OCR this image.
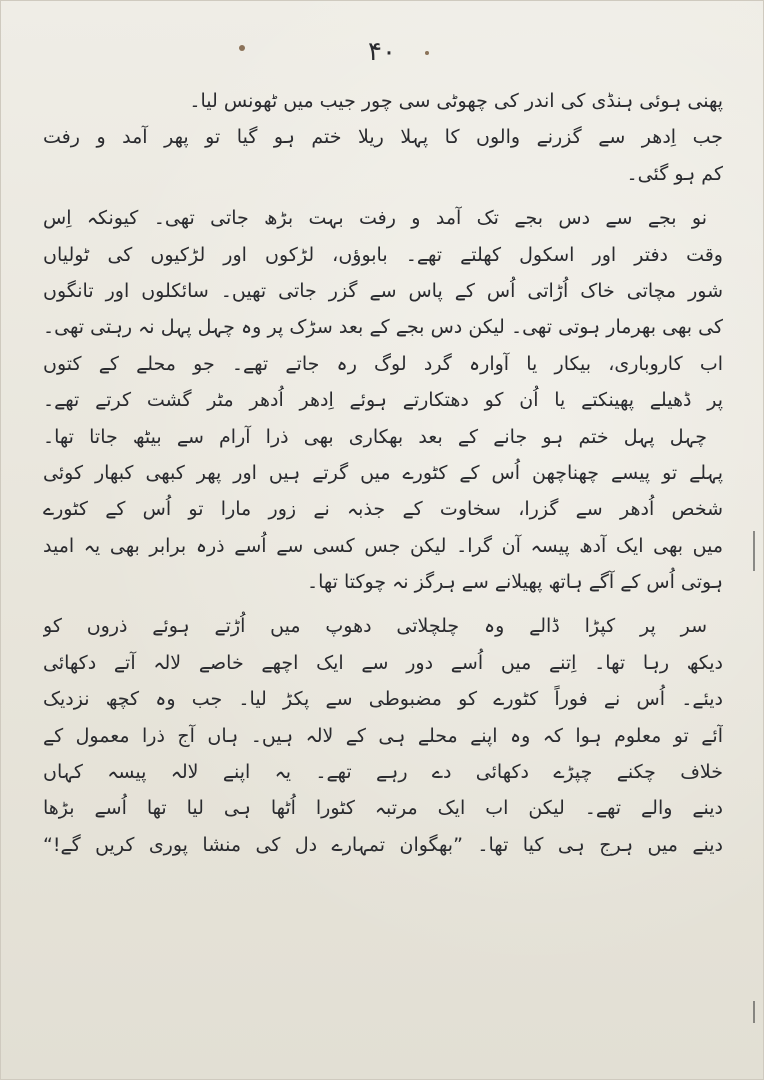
۴۰
پھنی ہوئی ہنڈی کی اندر کی چھوٹی سی چور جیب میں ٹھونس لیا۔
جب اِدھر سے گزرنے والوں کا پہلا ریلا ختم ہو گیا تو پھر آمد و رفت
کم ہو گئی۔
نو بجے سے دس بجے تک آمد و رفت بہت بڑھ جاتی تھی۔ کیونکہ اِس
وقت دفتر اور اسکول کھلتے تھے۔ بابوؤں، لڑکوں اور لڑکیوں کی ٹولیاں
شور مچاتی خاک اُڑاتی اُس کے پاس سے گزر جاتی تھیں۔ سائکلوں اور تانگوں
کی بھی بھرمار ہوتی تھی۔ لیکن دس بجے کے بعد سڑک پر وہ چہل پہل نہ رہتی تھی۔
اب کاروباری، بیکار یا آوارہ گرد لوگ رہ جاتے تھے۔ جو محلے کے کتوں
پر ڈھیلے پھینکتے یا اُن کو دھتکارتے ہوئے اِدھر اُدھر مٹر گشت کرتے تھے۔
چہل پہل ختم ہو جانے کے بعد بھکاری بھی ذرا آرام سے بیٹھ جاتا تھا۔
پہلے تو پیسے چھناچھن اُس کے کٹورے میں گرتے ہیں اور پھر کبھی کبھار کوئی
شخص اُدھر سے گزرا، سخاوت کے جذبہ نے زور مارا تو اُس کے کٹورے
میں بھی ایک آدھ پیسہ آن گرا۔ لیکن جس کسی سے اُسے ذرہ برابر بھی یہ امید
ہوتی اُس کے آگے ہاتھ پھیلانے سے ہرگز نہ چوکتا تھا۔
سر پر کپڑا ڈالے وہ چلچلاتی دھوپ میں اُڑتے ہوئے ذروں کو
دیکھ رہا تھا۔ اِتنے میں اُسے دور سے ایک اچھے خاصے لالہ آتے دکھائی
دیئے۔ اُس نے فوراً کٹورے کو مضبوطی سے پکڑ لیا۔ جب وہ کچھ نزدیک
آئے تو معلوم ہوا کہ وہ اپنے محلے ہی کے لالہ ہیں۔ ہاں آج ذرا معمول کے
خلاف چکنے چپڑے دکھائی دے رہے تھے۔ یہ اپنے لالہ پیسہ کہاں
دینے والے تھے۔ لیکن اب ایک مرتبہ کٹورا اُٹھا ہی لیا تھا اُسے بڑھا
دینے میں ہرج ہی کیا تھا۔ ”بھگوان تمہارے دل کی منشا پوری کریں گے!“
